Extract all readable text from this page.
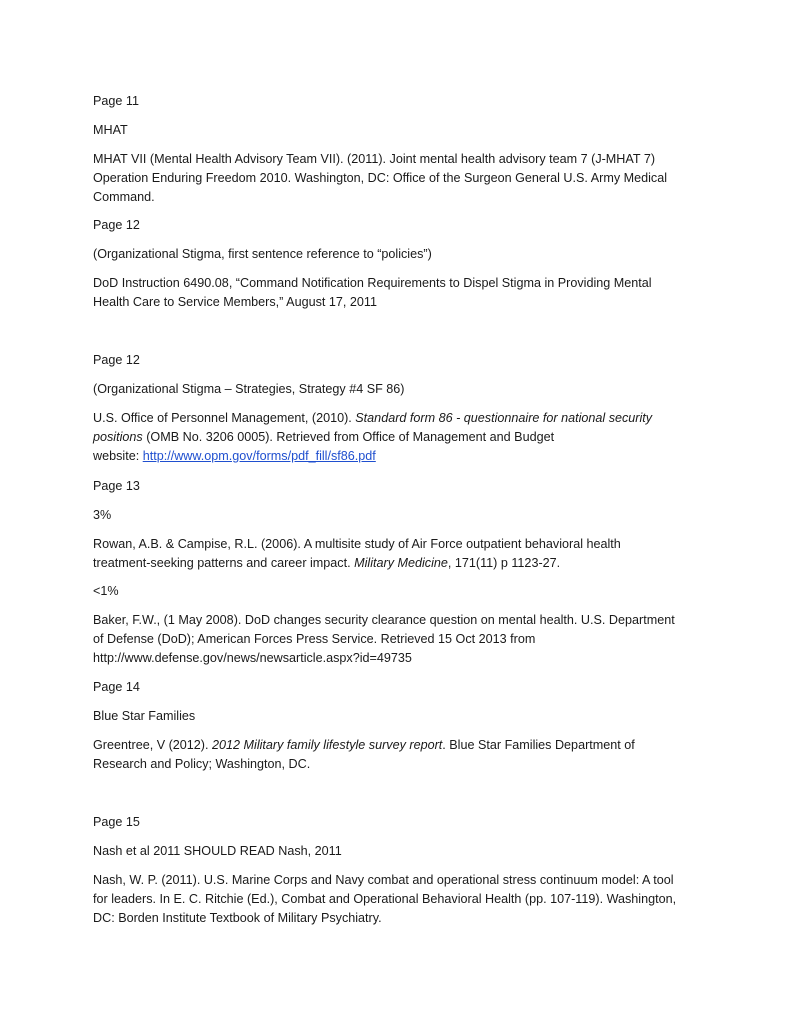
Page 11

MHAT

MHAT VII (Mental Health Advisory Team VII). (2011). Joint mental health advisory team 7 (J-MHAT 7)
Operation Enduring Freedom 2010. Washington, DC: Office of the Surgeon General U.S. Army Medical
Command.

Page 12

(Organizational Stigma, first sentence reference to “policies”)

DoD Instruction 6490.08, “Command Notification Requirements to Dispel Stigma in Providing Mental
Health Care to Service Members,” August 17, 2011

Page 12

(Organizational Stigma – Strategies, Strategy #4 SF 86)

U.S. Office of Personnel Management, (2010). Standard form 86 - questionnaire for national security
positions (OMB No. 3206 0005). Retrieved from Office of Management and Budget
website: http://www.opm.gov/forms/pdf_fill/sf86.pdf

Page 13

3%

Rowan, A.B. & Campise, R.L. (2006). A multisite study of Air Force outpatient behavioral health
treatment-seeking patterns and career impact. Military Medicine, 171(11) p 1123-27.

<1%

Baker, F.W., (1 May 2008). DoD changes security clearance question on mental health. U.S. Department
of Defense (DoD); American Forces Press Service. Retrieved 15 Oct 2013 from
http://www.defense.gov/news/newsarticle.aspx?id=49735

Page 14

Blue Star Families

Greentree, V (2012). 2012 Military family lifestyle survey report. Blue Star Families Department of
Research and Policy; Washington, DC.

Page 15

Nash et al 2011 SHOULD READ Nash, 2011

Nash, W. P. (2011). U.S. Marine Corps and Navy combat and operational stress continuum model: A tool
for leaders. In E. C. Ritchie (Ed.), Combat and Operational Behavioral Health (pp. 107-119). Washington,
DC: Borden Institute Textbook of Military Psychiatry.
